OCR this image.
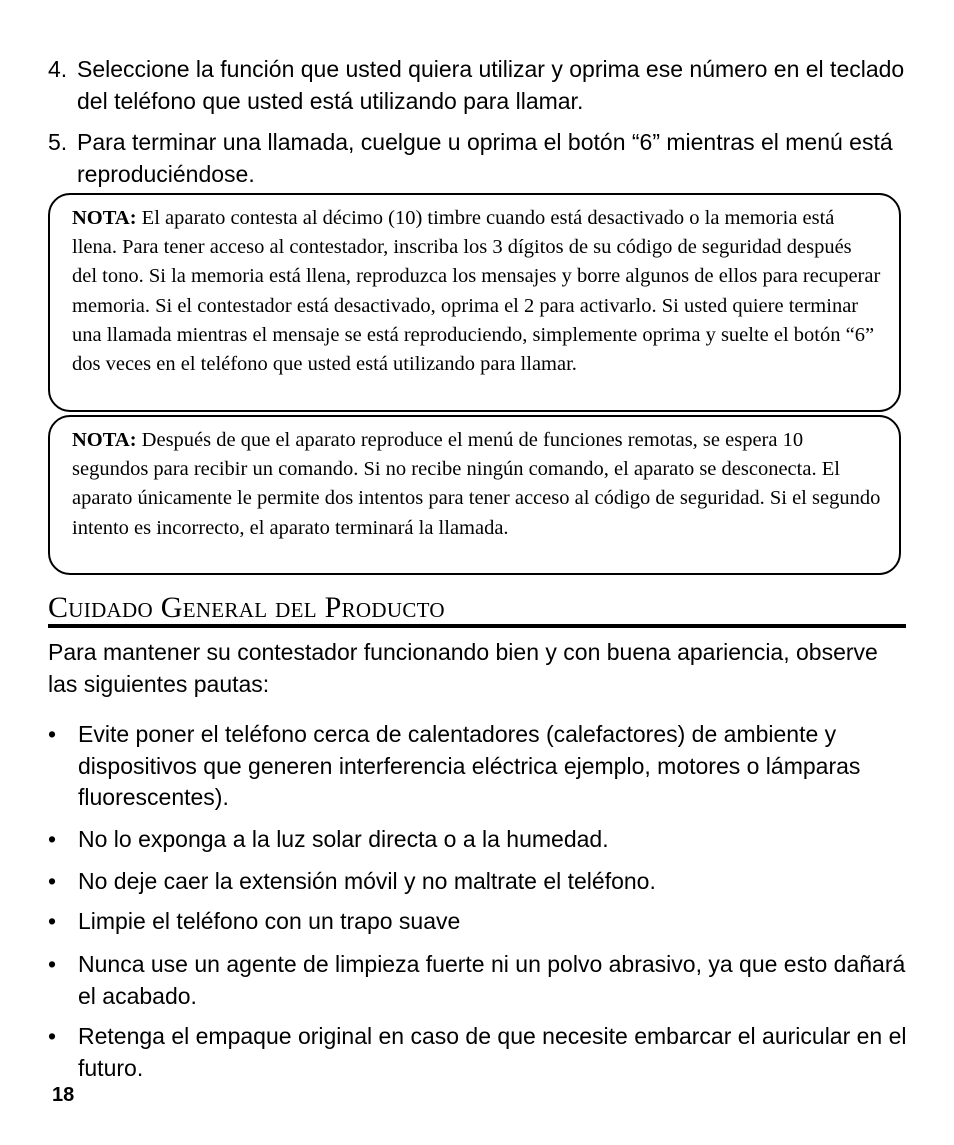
4. Seleccione la función que usted quiera utilizar y oprima ese número en el teclado del teléfono que usted está utilizando para llamar.
5. Para terminar una llamada, cuelgue u oprima el botón “6” mientras el menú está reproduciéndose.
NOTA: El aparato contesta al décimo (10) timbre cuando está desactivado o la memoria está llena. Para tener acceso al contestador, inscriba los 3 dígitos de su código de seguridad después del tono. Si la memoria está llena, reproduzca los mensajes y borre algunos de ellos para recuperar memoria. Si el contestador está desactivado, oprima el 2 para activarlo. Si usted quiere terminar una llamada mientras el mensaje se está reproduciendo, simplemente oprima y suelte el botón “6” dos veces en el teléfono que usted está utilizando para llamar.
NOTA: Después de que el aparato reproduce el menú de funciones remotas, se espera 10 segundos para recibir un comando. Si no recibe ningún comando, el aparato se desconecta. El aparato únicamente le permite dos intentos para tener acceso al código de seguridad. Si el segundo intento es incorrecto, el aparato terminará la llamada.
Cuidado General del Producto
Para mantener su contestador funcionando bien y con buena apariencia, observe las siguientes pautas:
• Evite poner el teléfono cerca de calentadores (calefactores) de ambiente y dispositivos que generen interferencia eléctrica ejemplo, motores o lámparas fluorescentes).
• No lo exponga a la luz solar directa o a la humedad.
• No deje caer la extensión móvil y no maltrate el teléfono.
• Limpie el teléfono con un trapo suave
• Nunca use un agente de limpieza fuerte ni un polvo abrasivo, ya que esto dañará el acabado.
• Retenga el empaque original en caso de que necesite embarcar el auricular en el futuro.
18
